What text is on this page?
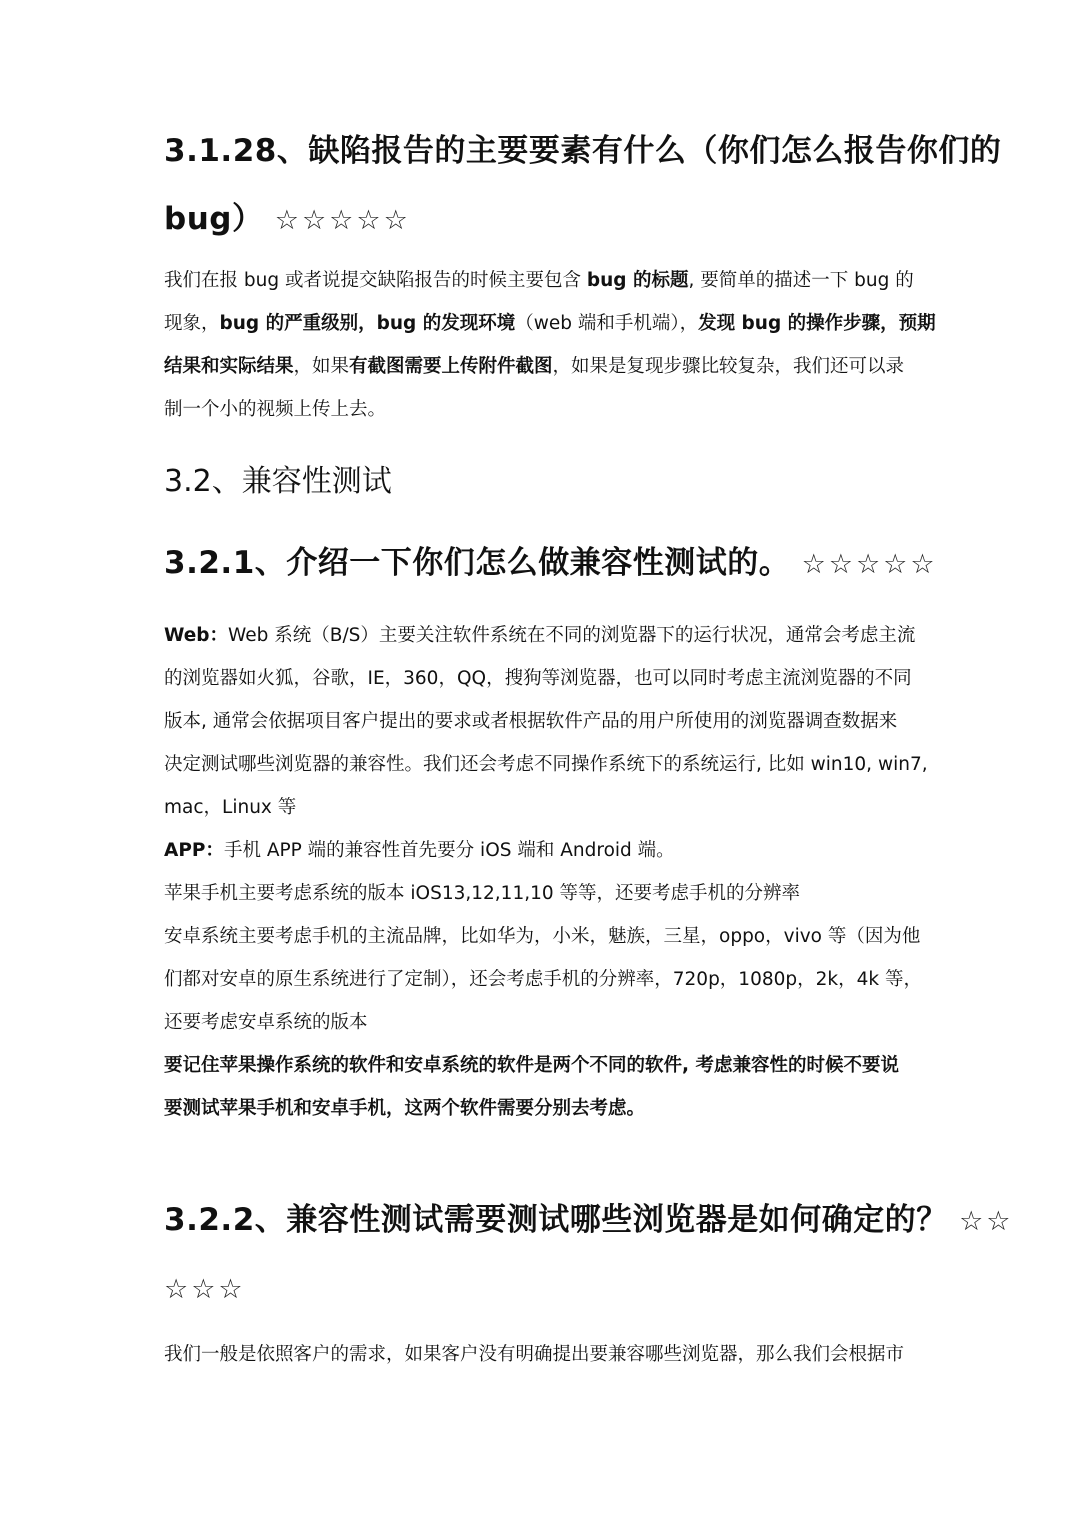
3.1.28、缺陷报告的主要要素有什么（你们怎么报告你们的
bug） ☆☆☆☆☆
我们在报 bug 或者说提交缺陷报告的时候主要包含 bug 的标题, 要简单的描述一下 bug 的
现象，bug 的严重级别，bug 的发现环境（web 端和手机端），发现 bug 的操作步骤，预期
结果和实际结果，如果有截图需要上传附件截图，如果是复现步骤比较复杂，我们还可以录
制一个小的视频上传上去。
3.2、兼容性测试
3.2.1、介绍一下你们怎么做兼容性测试的。 ☆☆☆☆☆
Web：Web 系统（B/S）主要关注软件系统在不同的浏览器下的运行状况，通常会考虑主流
的浏览器如火狐，谷歌，IE，360，QQ，搜狗等浏览器，也可以同时考虑主流浏览器的不同
版本, 通常会依据项目客户提出的要求或者根据软件产品的用户所使用的浏览器调查数据来
决定测试哪些浏览器的兼容性。我们还会考虑不同操作系统下的系统运行, 比如 win10, win7,
mac，Linux 等
APP：手机 APP 端的兼容性首先要分 iOS 端和 Android 端。
苹果手机主要考虑系统的版本 iOS13,12,11,10 等等，还要考虑手机的分辨率
安卓系统主要考虑手机的主流品牌，比如华为，小米，魅族，三星，oppo，vivo 等（因为他
们都对安卓的原生系统进行了定制），还会考虑手机的分辨率，720p，1080p，2k，4k 等，
还要考虑安卓系统的版本
要记住苹果操作系统的软件和安卓系统的软件是两个不同的软件, 考虑兼容性的时候不要说
要测试苹果手机和安卓手机，这两个软件需要分别去考虑。
3.2.2、兼容性测试需要测试哪些浏览器是如何确定的？ ☆☆
☆☆☆
我们一般是依照客户的需求，如果客户没有明确提出要兼容哪些浏览器，那么我们会根据市
